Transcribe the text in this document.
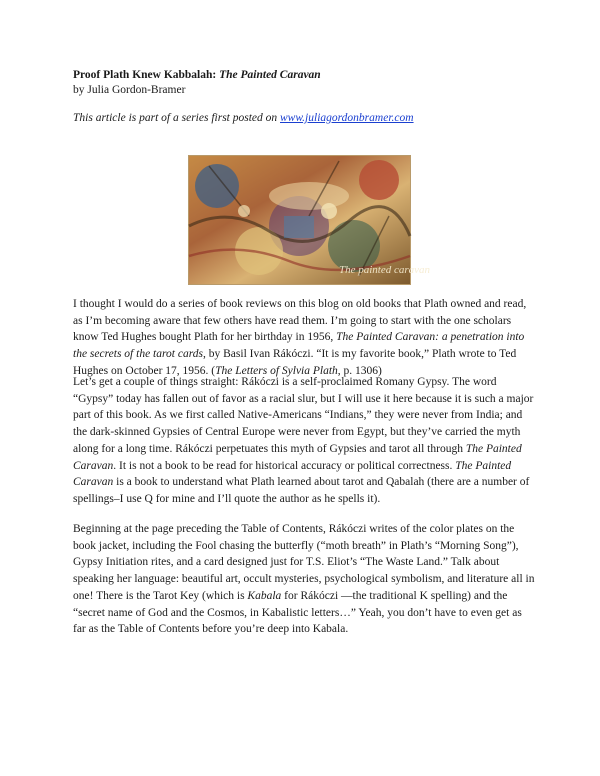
Proof Plath Knew Kabbalah: The Painted Caravan
by Julia Gordon-Bramer
This article is part of a series first posted on www.juliagordonbramer.com
The painted caravan

I thought I would do a series of book reviews on this blog on old books that Plath owned and read, as I’m becoming aware that few others have read them. I’m going to start with the one scholars know Ted Hughes bought Plath for her birthday in 1956, The Painted Caravan: a penetration into the secrets of the tarot cards, by Basil Ivan Rákóczi. “It is my favorite book,” Plath wrote to Ted Hughes on October 17, 1956. (The Letters of Sylvia Plath, p. 1306)

Let’s get a couple of things straight: Rákóczi is a self-proclaimed Romany Gypsy. The word “Gypsy” today has fallen out of favor as a racial slur, but I will use it here because it is such a major part of this book. As we first called Native-Americans “Indians,” they were never from India; and the dark-skinned Gypsies of Central Europe were never from Egypt, but they’ve carried the myth along for a long time. Rákóczi perpetuates this myth of Gypsies and tarot all through The Painted Caravan. It is not a book to be read for historical accuracy or political correctness. The Painted Caravan is a book to understand what Plath learned about tarot and Qabalah (there are a number of spellings–I use Q for mine and I’ll quote the author as he spells it).

Beginning at the page preceding the Table of Contents, Rákóczi writes of the color plates on the book jacket, including the Fool chasing the butterfly (“moth breath” in Plath’s “Morning Song”), Gypsy Initiation rites, and a card designed just for T.S. Eliot’s “The Waste Land.” Talk about speaking her language: beautiful art, occult mysteries, psychological symbolism, and literature all in one! There is the Tarot Key (which is Kabala for Rákóczi —the traditional K spelling) and the “secret name of God and the Cosmos, in Kabalistic letters…” Yeah, you don’t have to even get as far as the Table of Contents before you’re deep into Kabala.
